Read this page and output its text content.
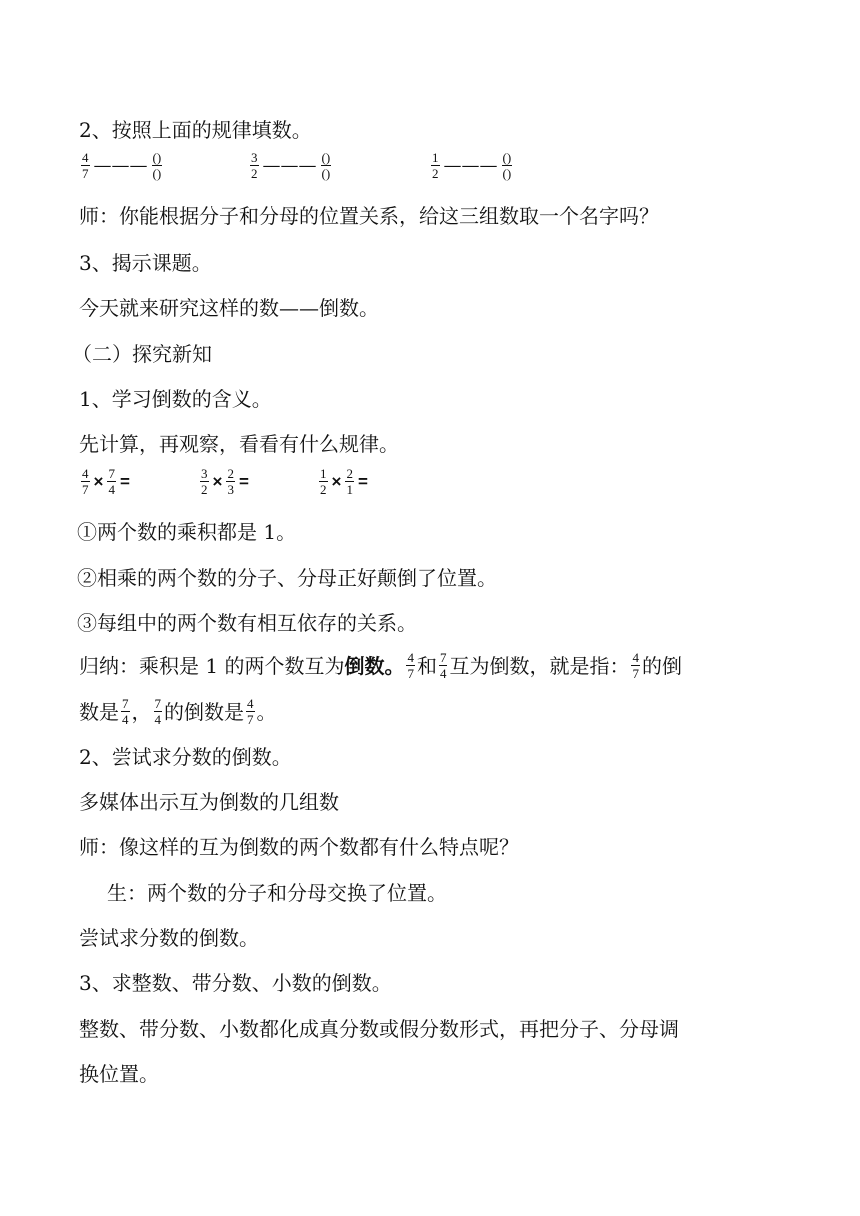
2、按照上面的规律填数。
$\frac{4}{7}$ ——— $\frac{()}{()}$	$\frac{3}{2}$ ——— $\frac{()}{()}$	$\frac{1}{2}$ ——— $\frac{()}{()}$
师：你能根据分子和分母的位置关系，给这三组数取一个名字吗？
3、揭示课题。
今天就来研究这样的数——倒数。
（二）探究新知
1、学习倒数的含义。
先计算，再观察，看看有什么规律。
$\frac{4}{7} \times \frac{7}{4}$ =	$\frac{3}{2} \times \frac{2}{3}$ =	$\frac{1}{2} \times \frac{2}{1}$ =
①两个数的乘积都是 1。
②相乘的两个数的分子、分母正好颠倒了位置。
③每组中的两个数有相互依存的关系。
归纳：乘积是 1 的两个数互为 倒数。 $\frac{4}{7}$ 和 $\frac{7}{4}$ 互为倒数，就是指： $\frac{4}{7}$ 的倒
数是 $\frac{7}{4}$ ， $\frac{7}{4}$ 的倒数是 $\frac{4}{7}$ 。
2、尝试求分数的倒数。
多媒体出示互为倒数的几组数
师：像这样的互为倒数的两个数都有什么特点呢？
生：两个数的分子和分母交换了位置。
尝试求分数的倒数。
3、求整数、带分数、小数的倒数。
整数、带分数、小数都化成真分数或假分数形式，再把分子、分母调
换位置。
